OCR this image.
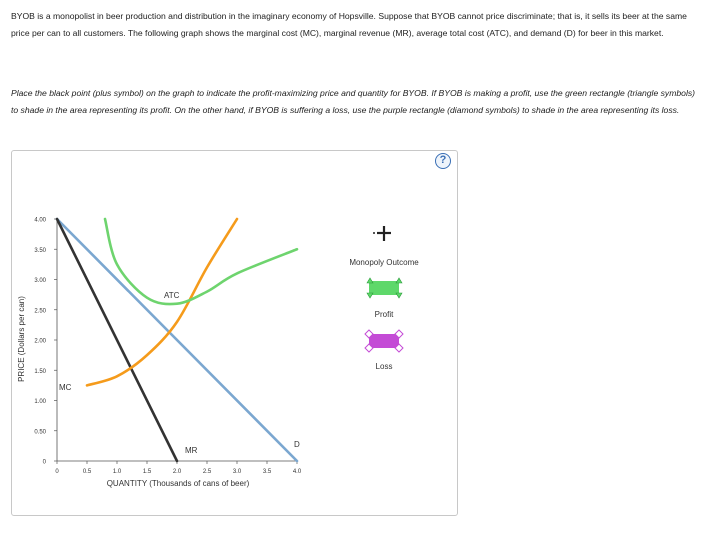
BYOB is a monopolist in beer production and distribution in the imaginary economy of Hopsville. Suppose that BYOB cannot price discriminate; that is, it sells its beer at the same price per can to all customers. The following graph shows the marginal cost (MC), marginal revenue (MR), average total cost (ATC), and demand (D) for beer in this market.
Place the black point (plus symbol) on the graph to indicate the profit-maximizing price and quantity for BYOB. If BYOB is making a profit, use the green rectangle (triangle symbols) to shade in the area representing its profit. On the other hand, if BYOB is suffering a loss, use the purple rectangle (diamond symbols) to shade in the area representing its loss.
?
0
0.50
1.00
1.50
2.00
2.50
3.00
3.50
4.00
0	0.5	1.0	1.5	2.0	2.5	3.0	3.5	4.0
MC
ATC
MR
D
QUANTITY (Thousands of cans of beer)
PRICE (Dollars per can)
Monopoly Outcome
Profit
Loss
